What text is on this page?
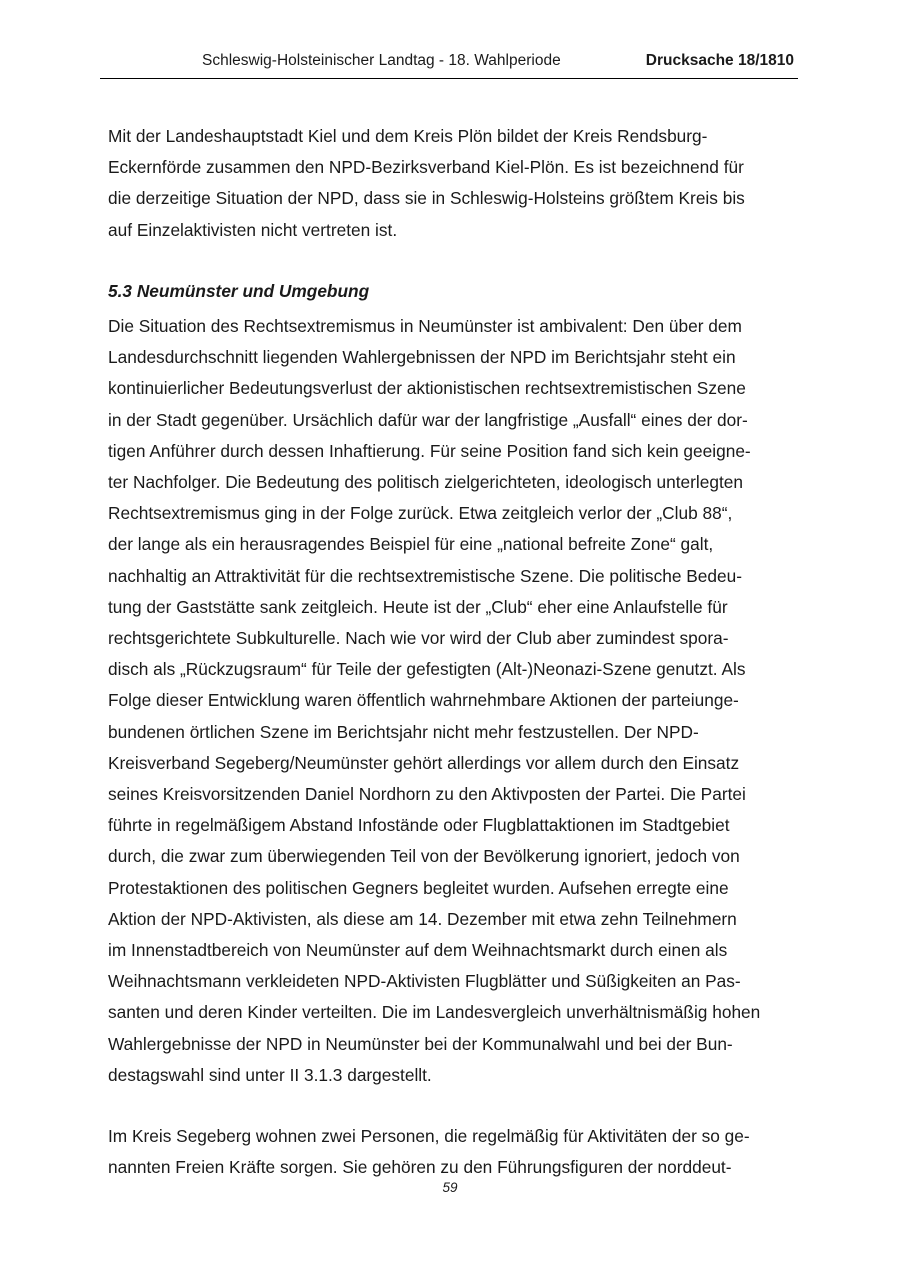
Schleswig-Holsteinischer Landtag - 18. Wahlperiode	Drucksache 18/1810

Mit der Landeshauptstadt Kiel und dem Kreis Plön bildet der Kreis Rendsburg-
Eckernförde zusammen den NPD-Bezirksverband Kiel-Plön. Es ist bezeichnend für
die derzeitige Situation der NPD, dass sie in Schleswig-Holsteins größtem Kreis bis
auf Einzelaktivisten nicht vertreten ist.

5.3 Neumünster und Umgebung

Die Situation des Rechtsextremismus in Neumünster ist ambivalent: Den über dem
Landesdurchschnitt liegenden Wahlergebnissen der NPD im Berichtsjahr steht ein
kontinuierlicher Bedeutungsverlust der aktionistischen rechtsextremistischen Szene
in der Stadt gegenüber. Ursächlich dafür war der langfristige „Ausfall“ eines der dor-
tigen Anführer durch dessen Inhaftierung. Für seine Position fand sich kein geeigne-
ter Nachfolger. Die Bedeutung des politisch zielgerichteten, ideologisch unterlegten
Rechtsextremismus ging in der Folge zurück. Etwa zeitgleich verlor der „Club 88“,
der lange als ein herausragendes Beispiel für eine „national befreite Zone“ galt,
nachhaltig an Attraktivität für die rechtsextremistische Szene. Die politische Bedeu-
tung der Gaststätte sank zeitgleich. Heute ist der „Club“ eher eine Anlaufstelle für
rechtsgerichtete Subkulturelle. Nach wie vor wird der Club aber zumindest spora-
disch als „Rückzugsraum“ für Teile der gefestigten (Alt-)Neonazi-Szene genutzt. Als
Folge dieser Entwicklung waren öffentlich wahrnehmbare Aktionen der parteiunge-
bundenen örtlichen Szene im Berichtsjahr nicht mehr festzustellen. Der NPD-
Kreisverband Segeberg/Neumünster gehört allerdings vor allem durch den Einsatz
seines Kreisvorsitzenden Daniel Nordhorn zu den Aktivposten der Partei. Die Partei
führte in regelmäßigem Abstand Infostände oder Flugblattaktionen im Stadtgebiet
durch, die zwar zum überwiegenden Teil von der Bevölkerung ignoriert, jedoch von
Protestaktionen des politischen Gegners begleitet wurden. Aufsehen erregte eine
Aktion der NPD-Aktivisten, als diese am 14. Dezember mit etwa zehn Teilnehmern
im Innenstadtbereich von Neumünster auf dem Weihnachtsmarkt durch einen als
Weihnachtsmann verkleideten NPD-Aktivisten Flugblätter und Süßigkeiten an Pas-
santen und deren Kinder verteilten. Die im Landesvergleich unverhältnismäßig hohen
Wahlergebnisse der NPD in Neumünster bei der Kommunalwahl und bei der Bun-
destagswahl sind unter II 3.1.3 dargestellt.

Im Kreis Segeberg wohnen zwei Personen, die regelmäßig für Aktivitäten der so ge-
nannten Freien Kräfte sorgen. Sie gehören zu den Führungsfiguren der norddeut-

59
